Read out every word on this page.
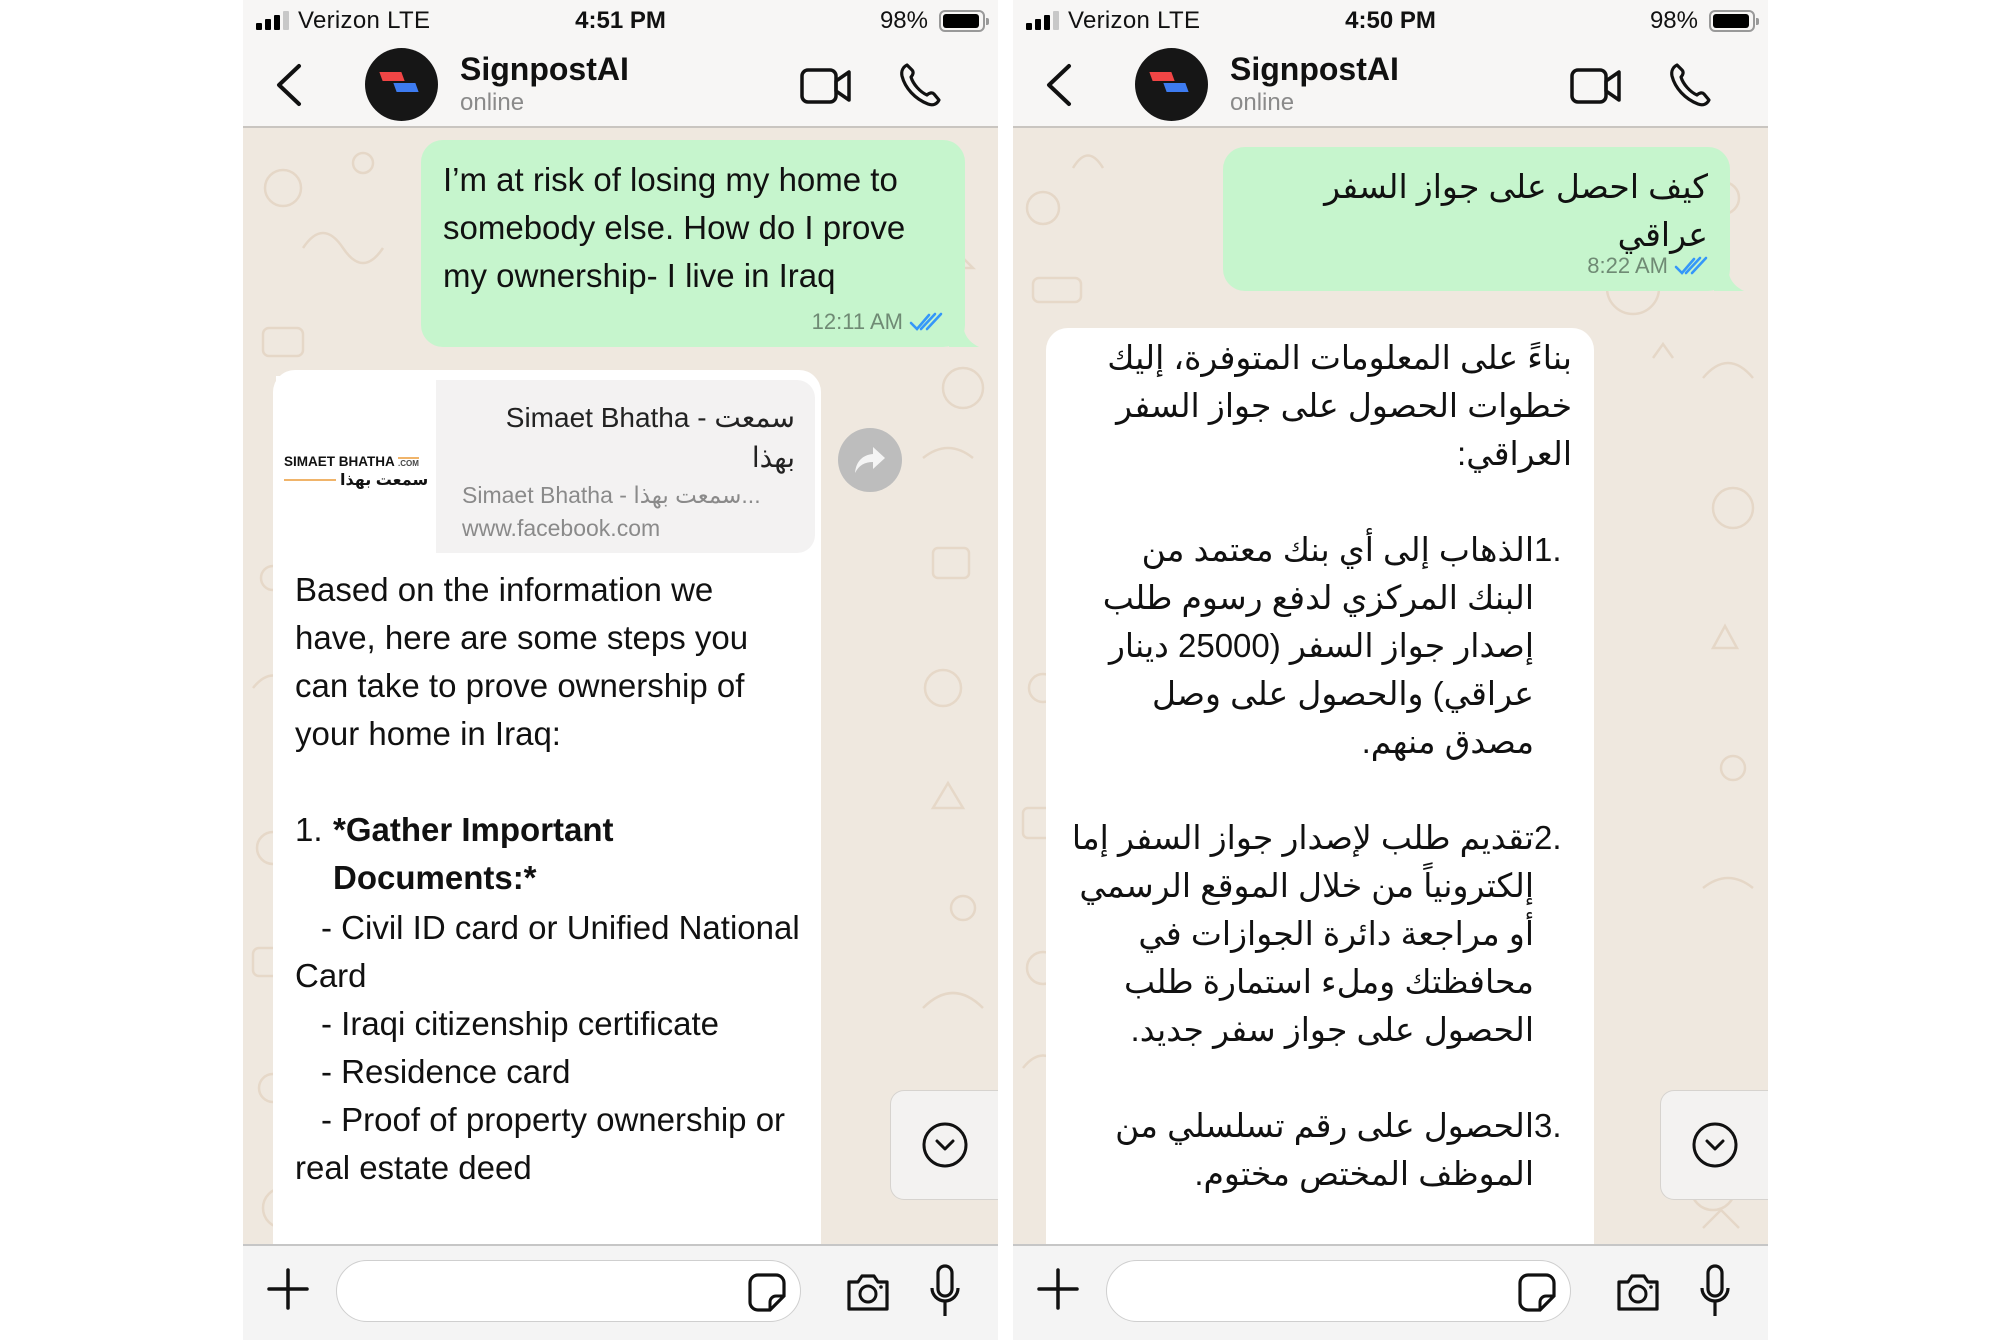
Verizon LTE	4:51 PM	98%
SignpostAI
online
I’m at risk of losing my home to somebody else. How do I prove my ownership- I live in Iraq
12:11 AM
SIMAET BHATHA .COM
سمعت بهذا
Simaet Bhatha - سمعت بهذا
Simaet Bhatha - سمعت بهذا...
www.facebook.com

Based on the information we have, here are some steps you can take to prove ownership of your home in Iraq:

1. *Gather Important Documents:*
- Civil ID card or Unified National Card
- Iraqi citizenship certificate
- Residence card
- Proof of property ownership or real estate deed
Verizon LTE	4:50 PM	98%
SignpostAI
online
كيف احصل على جواز السفر عراقي
8:22 AM

بناءً على المعلومات المتوفرة، إليك خطوات الحصول على جواز السفر العراقي:

1.
الذهاب إلى أي بنك معتمد من البنك المركزي لدفع رسوم طلب إصدار جواز السفر (25000 دينار عراقي) والحصول على وصل مصدق منهم.
2.
تقديم طلب لإصدار جواز السفر إما إلكترونياً من خلال الموقع الرسمي أو مراجعة دائرة الجوازات في محافظتك وملء استمارة طلب الحصول على جواز سفر جديد.
3.
الحصول على رقم تسلسلي من الموظف المختص مختوم.
